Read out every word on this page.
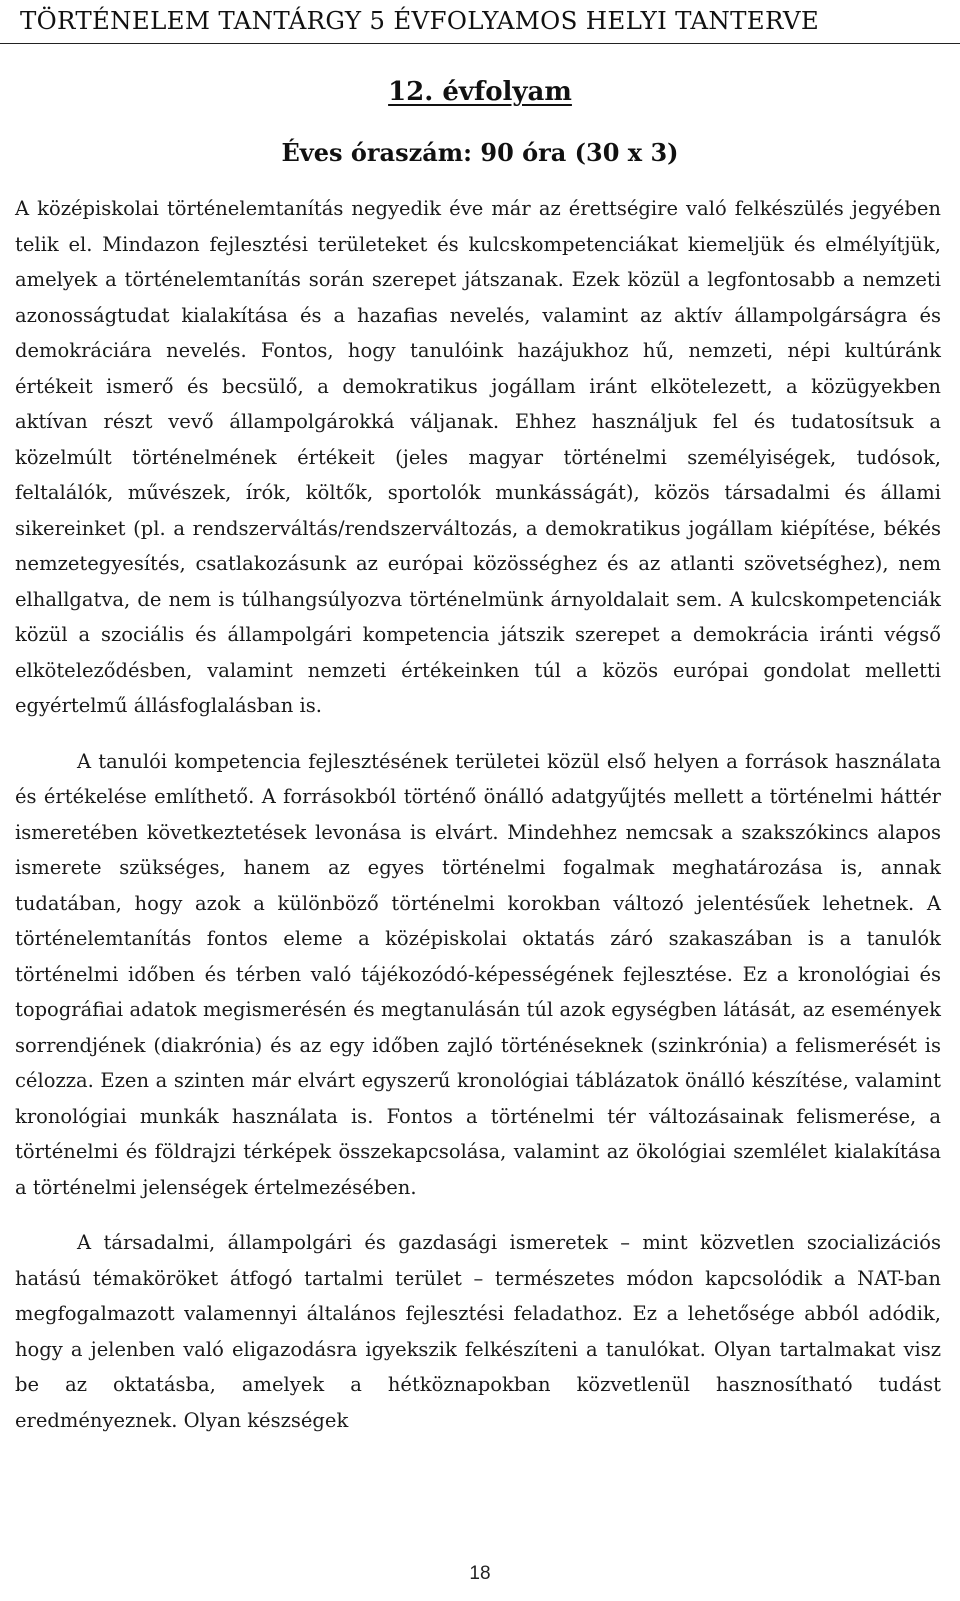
TÖRTÉNELEM TANTÁRGY 5 ÉVFOLYAMOS HELYI TANTERVE
12. évfolyam
Éves óraszám: 90 óra (30 x 3)

A középiskolai történelemtanítás negyedik éve már az érettségire való felkészülés jegyében telik el. Mindazon fejlesztési területeket és kulcskompetenciákat kiemeljük és elmélyítjük, amelyek a történelemtanítás során szerepet játszanak. Ezek közül a legfontosabb a nemzeti azonosságtudat kialakítása és a hazafias nevelés, valamint az aktív állampolgárságra és demokráciára nevelés. Fontos, hogy tanulóink hazájukhoz hű, nemzeti, népi kultúránk értékeit ismerő és becsülő, a demokratikus jogállam iránt elkötelezett, a közügyekben aktívan részt vevő állampolgárokká váljanak. Ehhez használjuk fel és tudatosítsuk a közelmúlt történelmének értékeit (jeles magyar történelmi személyiségek, tudósok, feltalálók, művészek, írók, költők, sportolók munkásságát), közös társadalmi és állami sikereinket (pl. a rendszerváltás/rendszerváltozás, a demokratikus jogállam kiépítése, békés nemzetegyesítés, csatlakozásunk az európai közösséghez és az atlanti szövetséghez), nem elhallgatva, de nem is túlhangsúlyozva történelmünk árnyoldalait sem. A kulcskompetenciák közül a szociális és állampolgári kompetencia játszik szerepet a demokrácia iránti végső elköteleződésben, valamint nemzeti értékeinken túl a közös európai gondolat melletti egyértelmű állásfoglalásban is.

A tanulói kompetencia fejlesztésének területei közül első helyen a források használata és értékelése említhető. A forrásokból történő önálló adatgyűjtés mellett a történelmi háttér ismeretében következtetések levonása is elvárt. Mindehhez nemcsak a szakszókincs alapos ismerete szükséges, hanem az egyes történelmi fogalmak meghatározása is, annak tudatában, hogy azok a különböző történelmi korokban változó jelentésűek lehetnek. A történelemtanítás fontos eleme a középiskolai oktatás záró szakaszában is a tanulók történelmi időben és térben való tájékozódó-képességének fejlesztése. Ez a kronológiai és topográfiai adatok megismerésén és megtanulásán túl azok egységben látását, az események sorrendjének (diakrónia) és az egy időben zajló történéseknek (szinkrónia) a felismerését is célozza. Ezen a szinten már elvárt egyszerű kronológiai táblázatok önálló készítése, valamint kronológiai munkák használata is. Fontos a történelmi tér változásainak felismerése, a történelmi és földrajzi térképek összekapcsolása, valamint az ökológiai szemlélet kialakítása a történelmi jelenségek értelmezésében.

A társadalmi, állampolgári és gazdasági ismeretek – mint közvetlen szocializációs hatású témaköröket átfogó tartalmi terület – természetes módon kapcsolódik a NAT-ban megfogalmazott valamennyi általános fejlesztési feladathoz. Ez a lehetősége abból adódik, hogy a jelenben való eligazodásra igyekszik felkészíteni a tanulókat. Olyan tartalmakat visz be az oktatásba, amelyek a hétköznapokban közvetlenül hasznosítható tudást eredményeznek. Olyan készségek

18
